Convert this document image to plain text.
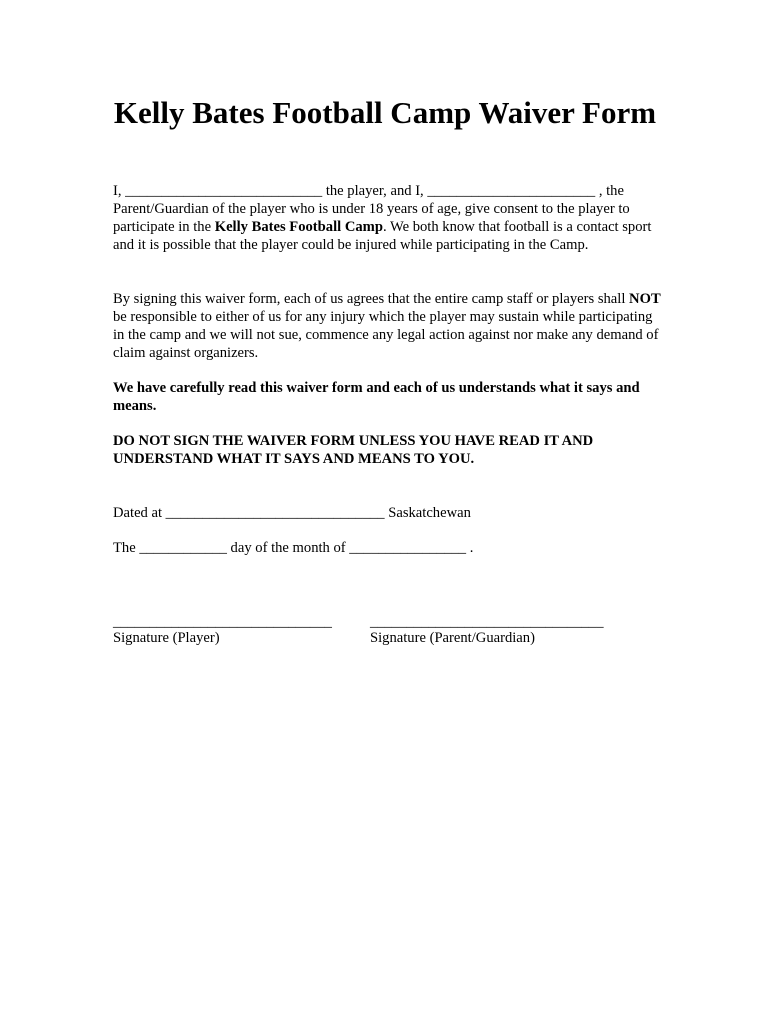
Kelly Bates Football Camp Waiver Form

I, ___________________________ the player, and I, _______________________ , the Parent/Guardian of the player who is under 18 years of age, give consent to the player to participate in the Kelly Bates Football Camp. We both know that football is a contact sport and it is possible that the player could be injured while participating in the Camp.

By signing this waiver form, each of us agrees that the entire camp staff or players shall NOT be responsible to either of us for any injury which the player may sustain while participating in the camp and we will not sue, commence any legal action against nor make any demand of claim against organizers.

We have carefully read this waiver form and each of us understands what it says and means.

DO NOT SIGN THE WAIVER FORM UNLESS YOU HAVE READ IT AND UNDERSTAND WHAT IT SAYS AND MEANS TO YOU.

Dated at ______________________________ Saskatchewan
The ____________ day of the month of ________________ .
______________________________
Signature (Player)
________________________________
Signature (Parent/Guardian)
